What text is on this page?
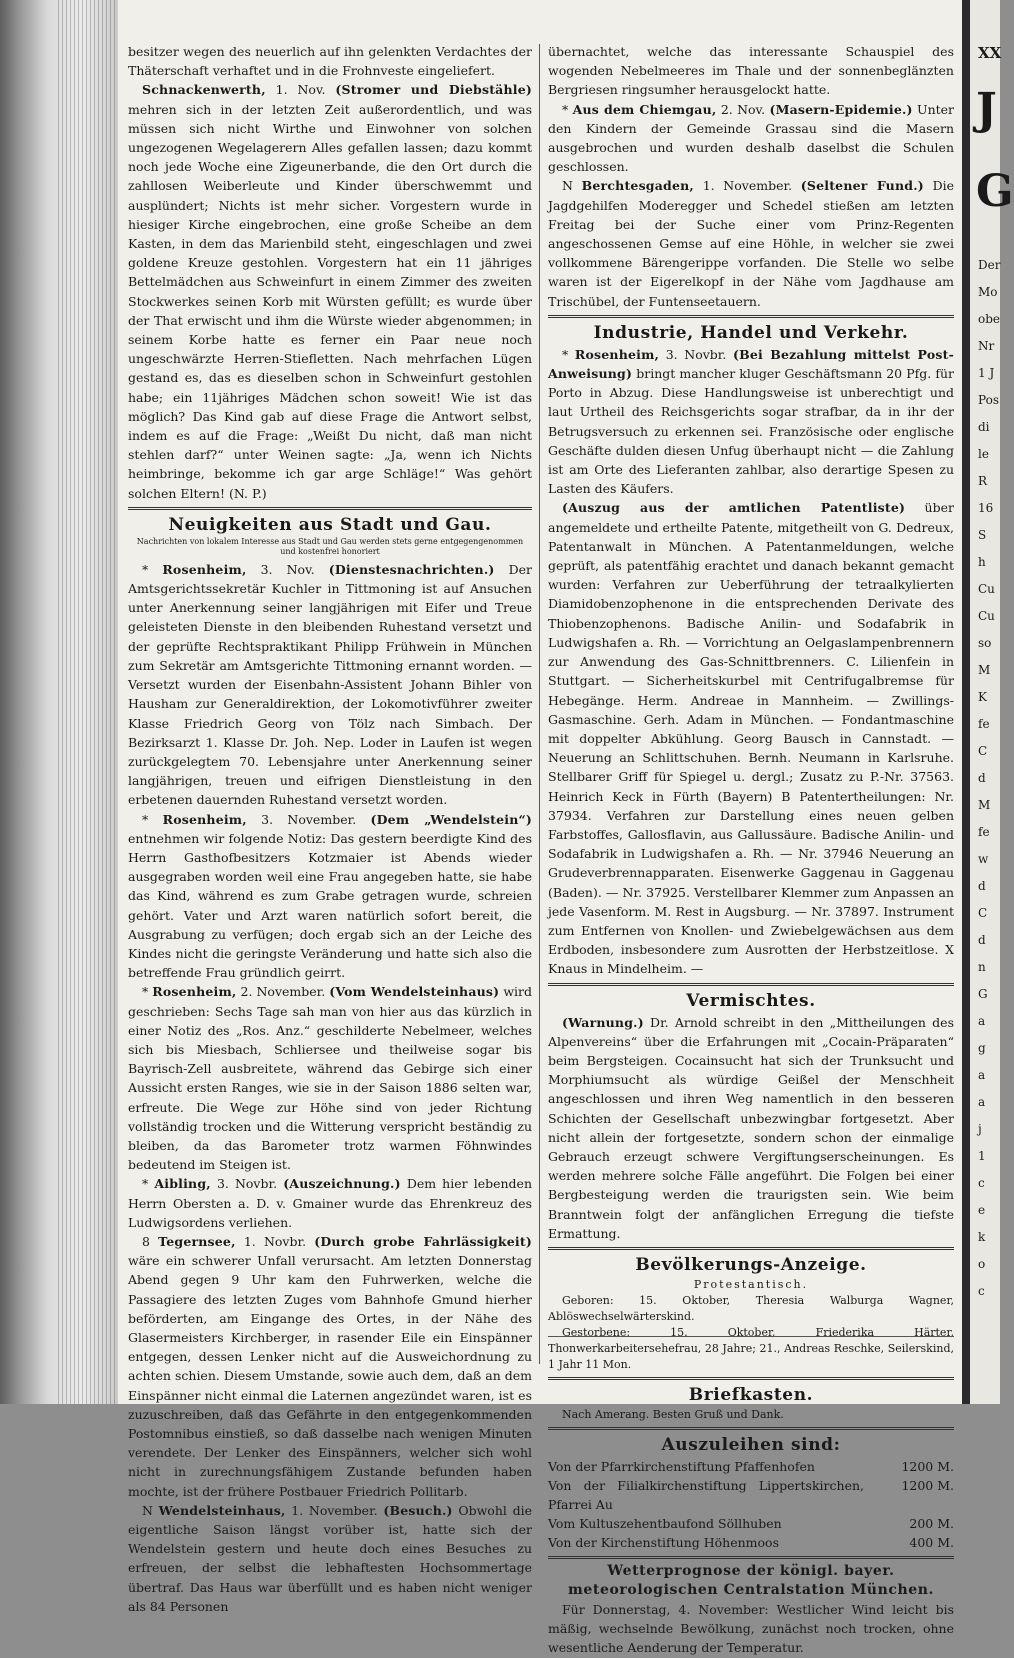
XX
J
G
Der
Mo
obe
Nr
1 J
Pos
di
le
R
16
S
h
Cu
Cu
so
M
K
fe
C
d
M
fe
w
d
C
d
n
G
a
g
a
a
j
1
c
e
k
o
c

besitzer wegen des neuerlich auf ihn gelenkten Verdachtes der Thäterschaft verhaftet und in die Frohnveste eingeliefert.

Schnackenwerth, 1. Nov. (Stromer und Diebstähle) mehren sich in der letzten Zeit außerordentlich, und was müssen sich nicht Wirthe und Einwohner von solchen ungezogenen Wegelagerern Alles gefallen lassen; dazu kommt noch jede Woche eine Zigeunerbande, die den Ort durch die zahllosen Weiberleute und Kinder überschwemmt und ausplündert; Nichts ist mehr sicher. Vorgestern wurde in hiesiger Kirche eingebrochen, eine große Scheibe an dem Kasten, in dem das Marienbild steht, eingeschlagen und zwei goldene Kreuze gestohlen. Vorgestern hat ein 11 jähriges Bettelmädchen aus Schweinfurt in einem Zimmer des zweiten Stockwerkes seinen Korb mit Würsten gefüllt; es wurde über der That erwischt und ihm die Würste wieder abgenommen; in seinem Korbe hatte es ferner ein Paar neue noch ungeschwärzte Herren-Stiefletten. Nach mehrfachen Lügen gestand es, das es dieselben schon in Schweinfurt gestohlen habe; ein 11jähriges Mädchen schon soweit! Wie ist das möglich? Das Kind gab auf diese Frage die Antwort selbst, indem es auf die Frage: „Weißt Du nicht, daß man nicht stehlen darf?“ unter Weinen sagte: „Ja, wenn ich Nichts heimbringe, bekomme ich gar arge Schläge!“ Was gehört solchen Eltern! (N. P.)

Neuigkeiten aus Stadt und Gau.
Nachrichten von lokalem Interesse aus Stadt und Gau werden stets gerne entgegengenommen und kostenfrei honoriert

* Rosenheim, 3. Nov. (Dienstesnachrichten.) Der Amtsgerichtssekretär Kuchler in Tittmoning ist auf Ansuchen unter Anerkennung seiner langjährigen mit Eifer und Treue geleisteten Dienste in den bleibenden Ruhestand versetzt und der geprüfte Rechtspraktikant Philipp Frühwein in München zum Sekretär am Amtsgerichte Tittmoning ernannt worden. — Versetzt wurden der Eisenbahn-Assistent Johann Bihler von Hausham zur Generaldirektion, der Lokomotivführer zweiter Klasse Friedrich Georg von Tölz nach Simbach. Der Bezirksarzt 1. Klasse Dr. Joh. Nep. Loder in Laufen ist wegen zurückgelegtem 70. Lebensjahre unter Anerkennung seiner langjährigen, treuen und eifrigen Dienstleistung in den erbetenen dauernden Ruhestand versetzt worden.

* Rosenheim, 3. November. (Dem „Wendelstein“) entnehmen wir folgende Notiz: Das gestern beerdigte Kind des Herrn Gasthofbesitzers Kotzmaier ist Abends wieder ausgegraben worden weil eine Frau angegeben hatte, sie habe das Kind, während es zum Grabe getragen wurde, schreien gehört. Vater und Arzt waren natürlich sofort bereit, die Ausgrabung zu verfügen; doch ergab sich an der Leiche des Kindes nicht die geringste Veränderung und hatte sich also die betreffende Frau gründlich geirrt.

* Rosenheim, 2. November. (Vom Wendelsteinhaus) wird geschrieben: Sechs Tage sah man von hier aus das kürzlich in einer Notiz des „Ros. Anz.“ geschilderte Nebelmeer, welches sich bis Miesbach, Schliersee und theilweise sogar bis Bayrisch-Zell ausbreitete, während das Gebirge sich einer Aussicht ersten Ranges, wie sie in der Saison 1886 selten war, erfreute. Die Wege zur Höhe sind von jeder Richtung vollständig trocken und die Witterung verspricht beständig zu bleiben, da das Barometer trotz warmen Föhnwindes bedeutend im Steigen ist.

* Aibling, 3. Novbr. (Auszeichnung.) Dem hier lebenden Herrn Obersten a. D. v. Gmainer wurde das Ehrenkreuz des Ludwigsordens verliehen.

8 Tegernsee, 1. Novbr. (Durch grobe Fahrlässigkeit) wäre ein schwerer Unfall verursacht. Am letzten Donnerstag Abend gegen 9 Uhr kam den Fuhrwerken, welche die Passagiere des letzten Zuges vom Bahnhofe Gmund hierher beförderten, am Eingange des Ortes, in der Nähe des Glasermeisters Kirchberger, in rasender Eile ein Einspänner entgegen, dessen Lenker nicht auf die Ausweichordnung zu achten schien. Diesem Umstande, sowie auch dem, daß an dem Einspänner nicht einmal die Laternen angezündet waren, ist es zuzuschreiben, daß das Gefährte in den entgegenkommenden Postomnibus einstieß, so daß dasselbe nach wenigen Minuten verendete. Der Lenker des Einspänners, welcher sich wohl nicht in zurechnungsfähigem Zustande befunden haben mochte, ist der frühere Postbauer Friedrich Pollitarb.

N Wendelsteinhaus, 1. November. (Besuch.) Obwohl die eigentliche Saison längst vorüber ist, hatte sich der Wendelstein gestern und heute doch eines Besuches zu erfreuen, der selbst die lebhaftesten Hochsommertage übertraf. Das Haus war überfüllt und es haben nicht weniger als 84 Personen

übernachtet, welche das interessante Schauspiel des wogenden Nebelmeeres im Thale und der sonnenbeglänzten Bergriesen ringsumher herausgelockt hatte.

* Aus dem Chiemgau, 2. Nov. (Masern-Epidemie.) Unter den Kindern der Gemeinde Grassau sind die Masern ausgebrochen und wurden deshalb daselbst die Schulen geschlossen.

N Berchtesgaden, 1. November. (Seltener Fund.) Die Jagdgehilfen Moderegger und Schedel stießen am letzten Freitag bei der Suche einer vom Prinz-Regenten angeschossenen Gemse auf eine Höhle, in welcher sie zwei vollkommene Bärengerippe vorfanden. Die Stelle wo selbe waren ist der Eigerelkopf in der Nähe vom Jagdhause am Trischübel, der Funtenseetauern.

Industrie, Handel und Verkehr.

* Rosenheim, 3. Novbr. (Bei Bezahlung mittelst Post-Anweisung) bringt mancher kluger Geschäftsmann 20 Pfg. für Porto in Abzug. Diese Handlungsweise ist unberechtigt und laut Urtheil des Reichsgerichts sogar strafbar, da in ihr der Betrugsversuch zu erkennen sei. Französische oder englische Geschäfte dulden diesen Unfug überhaupt nicht — die Zahlung ist am Orte des Lieferanten zahlbar, also derartige Spesen zu Lasten des Käufers.

(Auszug aus der amtlichen Patentliste) über angemeldete und ertheilte Patente, mitgetheilt von G. Dedreux, Patentanwalt in München. A Patentanmeldungen, welche geprüft, als patentfähig erachtet und danach bekannt gemacht wurden: Verfahren zur Ueberführung der tetraalkylierten Diamidobenzophenone in die entsprechenden Derivate des Thiobenzophenons. Badische Anilin- und Sodafabrik in Ludwigshafen a. Rh. — Vorrichtung an Oelgaslampenbrennern zur Anwendung des Gas-Schnittbrenners. C. Lilienfein in Stuttgart. — Sicherheitskurbel mit Centrifugalbremse für Hebegänge. Herm. Andreae in Mannheim. — Zwillings-Gasmaschine. Gerh. Adam in München. — Fondantmaschine mit doppelter Abkühlung. Georg Bausch in Cannstadt. — Neuerung an Schlittschuhen. Bernh. Neumann in Karlsruhe. Stellbarer Griff für Spiegel u. dergl.; Zusatz zu P.-Nr. 37563. Heinrich Keck in Fürth (Bayern) B Patentertheilungen: Nr. 37934. Verfahren zur Darstellung eines neuen gelben Farbstoffes, Gallosflavin, aus Gallussäure. Badische Anilin- und Sodafabrik in Ludwigshafen a. Rh. — Nr. 37946 Neuerung an Grudeverbrennapparaten. Eisenwerke Gaggenau in Gaggenau (Baden). — Nr. 37925. Verstellbarer Klemmer zum Anpassen an jede Vasenform. M. Rest in Augsburg. — Nr. 37897. Instrument zum Entfernen von Knollen- und Zwiebelgewächsen aus dem Erdboden, insbesondere zum Ausrotten der Herbstzeitlose. X Knaus in Mindelheim. —

Vermischtes.

(Warnung.) Dr. Arnold schreibt in den „Mittheilungen des Alpenvereins“ über die Erfahrungen mit „Cocain-Präparaten“ beim Bergsteigen. Cocainsucht hat sich der Trunksucht und Morphiumsucht als würdige Geißel der Menschheit angeschlossen und ihren Weg namentlich in den besseren Schichten der Gesellschaft unbezwingbar fortgesetzt. Aber nicht allein der fortgesetzte, sondern schon der einmalige Gebrauch erzeugt schwere Vergiftungserscheinungen. Es werden mehrere solche Fälle angeführt. Die Folgen bei einer Bergbesteigung werden die traurigsten sein. Wie beim Branntwein folgt der anfänglichen Erregung die tiefste Ermattung.

Bevölkerungs-Anzeige.
Protestantisch.

Geboren: 15. Oktober, Theresia Walburga Wagner, Ablöswechselwärterskind.

Gestorbene: 15. Oktober, Friederika Härter, Thonwerkarbeitersehefrau, 28 Jahre; 21., Andreas Reschke, Seilerskind, 1 Jahr 11 Mon.

Briefkasten.

Nach Amerang. Besten Gruß und Dank.

Auszuleihen sind:
Von der Pfarrkirchenstiftung Pfaffenhofen	1200 M.
Von der Filialkirchenstiftung Lippertskirchen, Pfarrei Au	1200 M.
Vom Kultuszehentbaufond Söllhuben	200 M.
Von der Kirchenstiftung Höhenmoos	400 M.
Wetterprognose der königl. bayer. meteorologischen Centralstation München.

Für Donnerstag, 4. November: Westlicher Wind leicht bis mäßig, wechselnde Bewölkung, zunächst noch trocken, ohne wesentliche Aenderung der Temperatur.
